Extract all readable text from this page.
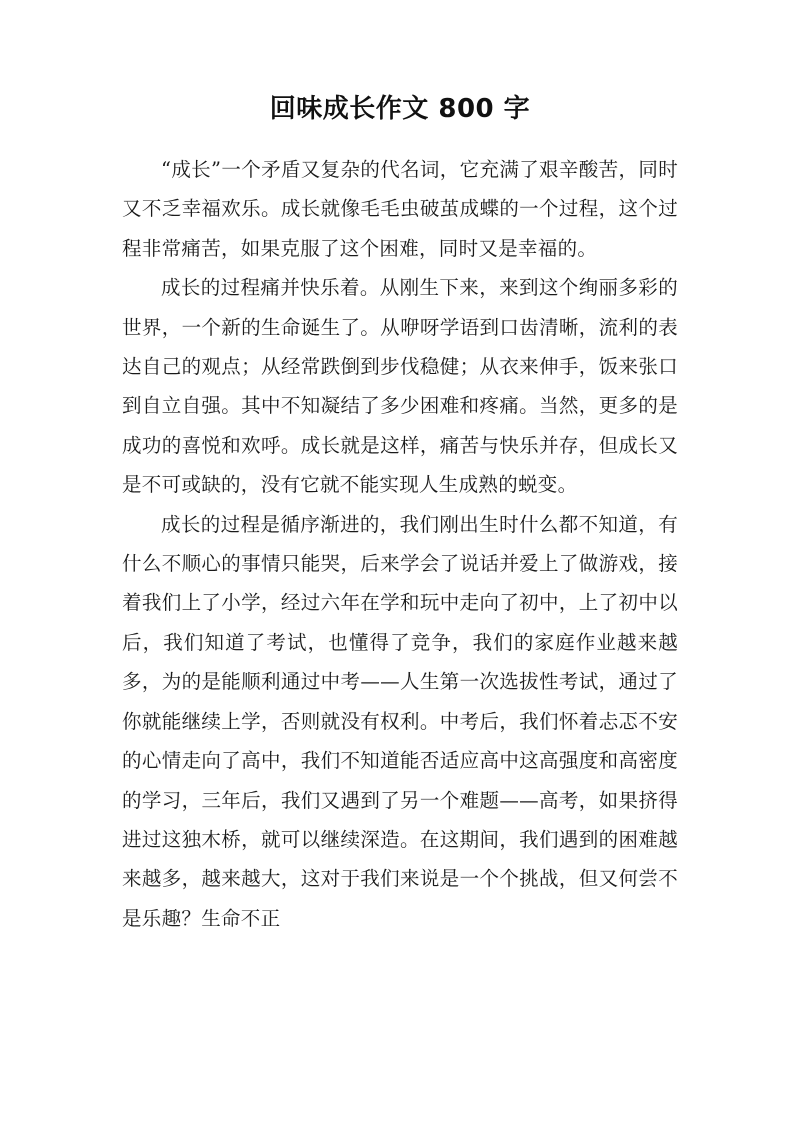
回味成长作文 800 字

“成长”一个矛盾又复杂的代名词，它充满了艰辛酸苦，同时又不乏幸福欢乐。成长就像毛毛虫破茧成蝶的一个过程，这个过程非常痛苦，如果克服了这个困难，同时又是幸福的。

成长的过程痛并快乐着。从刚生下来，来到这个绚丽多彩的世界，一个新的生命诞生了。从咿呀学语到口齿清晰，流利的表达自己的观点；从经常跌倒到步伐稳健；从衣来伸手，饭来张口到自立自强。其中不知凝结了多少困难和疼痛。当然，更多的是成功的喜悦和欢呼。成长就是这样，痛苦与快乐并存，但成长又是不可或缺的，没有它就不能实现人生成熟的蜕变。

成长的过程是循序渐进的，我们刚出生时什么都不知道，有什么不顺心的事情只能哭，后来学会了说话并爱上了做游戏，接着我们上了小学，经过六年在学和玩中走向了初中，上了初中以后，我们知道了考试，也懂得了竞争，我们的家庭作业越来越多，为的是能顺利通过中考——人生第一次选拔性考试，通过了你就能继续上学，否则就没有权利。中考后，我们怀着忐忑不安的心情走向了高中，我们不知道能否适应高中这高强度和高密度的学习，三年后，我们又遇到了另一个难题——高考，如果挤得进过这独木桥，就可以继续深造。在这期间，我们遇到的困难越来越多，越来越大，这对于我们来说是一个个挑战，但又何尝不是乐趣？生命不正
